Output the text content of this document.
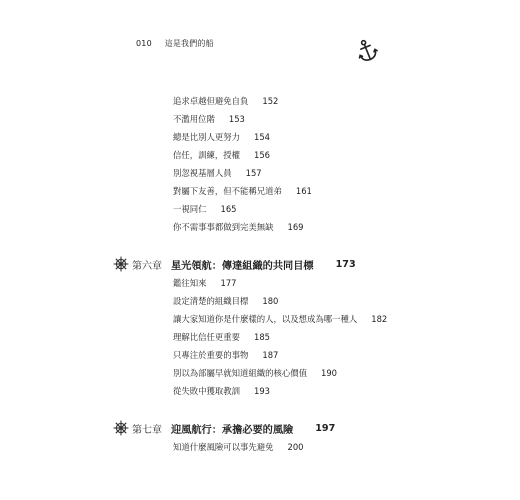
010 這是我們的船
追求卓越但避免自負 152
不濫用位階 153
總是比別人更努力 154
信任，訓練，授權 156
別忽視基層人員 157
對屬下友善，但不能稱兄道弟 161
一視同仁 165
你不需事事都做到完美無缺 169
第六章 星光領航：傳達組織的共同目標 173
鑑往知來 177
設定清楚的組織目標 180
讓大家知道你是什麼樣的人，以及想成為哪一種人 182
理解比信任更重要 185
只專注於重要的事物 187
別以為部屬早就知道組織的核心價值 190
從失敗中獲取教訓 193
第七章 迎風航行：承擔必要的風險 197
知道什麼風險可以事先避免 200
